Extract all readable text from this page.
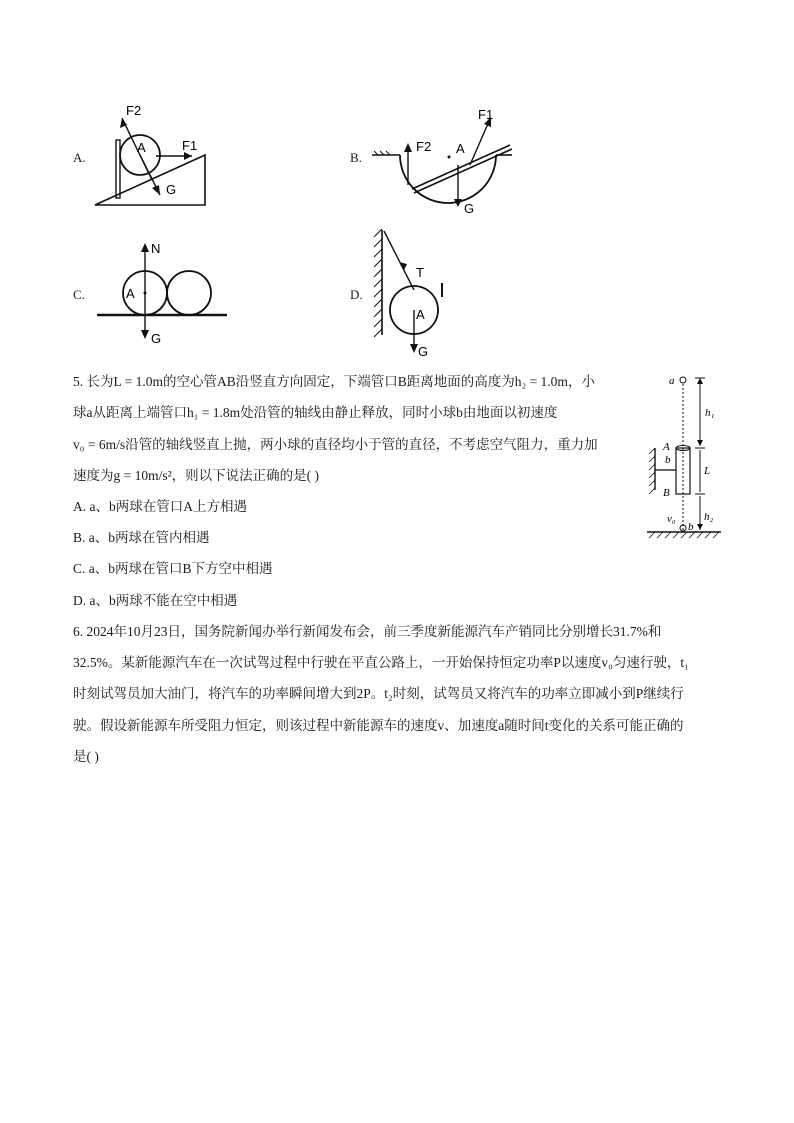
A.
F2
A	F1
G
B.
F1
F2 A
G
C.
N
A
G
D.
T
A
G
5. 长为L = 1.0m的空心管AB沿竖直方向固定，下端管口B距离地面的高度为h₂ = 1.0m，小
球a从距离上端管口h₁ = 1.8m处沿管的轴线由静止释放，同时小球b由地面以初速度
v₀ = 6m/s沿管的轴线竖直上抛，两小球的直径均小于管的直径，不考虑空气阻力，重力加
速度为g = 10m/s²，则以下说法正确的是( )
A. a、b两球在管口A上方相遇
B. a、b两球在管内相遇
C. a、b两球在管口B下方空中相遇
D. a、b两球不能在空中相遇
a
h₁
A
b
L
B
h₂
v₀
b
6. 2024年10月23日，国务院新闻办举行新闻发布会，前三季度新能源汽车产销同比分别增长31.7%和
32.5%。某新能源汽车在一次试驾过程中行驶在平直公路上，一开始保持恒定功率P以速度v₀匀速行驶，t₁
时刻试驾员加大油门，将汽车的功率瞬间增大到2P。t₂时刻，试驾员又将汽车的功率立即减小到P继续行
驶。假设新能源车所受阻力恒定，则该过程中新能源车的速度v、加速度a随时间t变化的关系可能正确的
是( )
